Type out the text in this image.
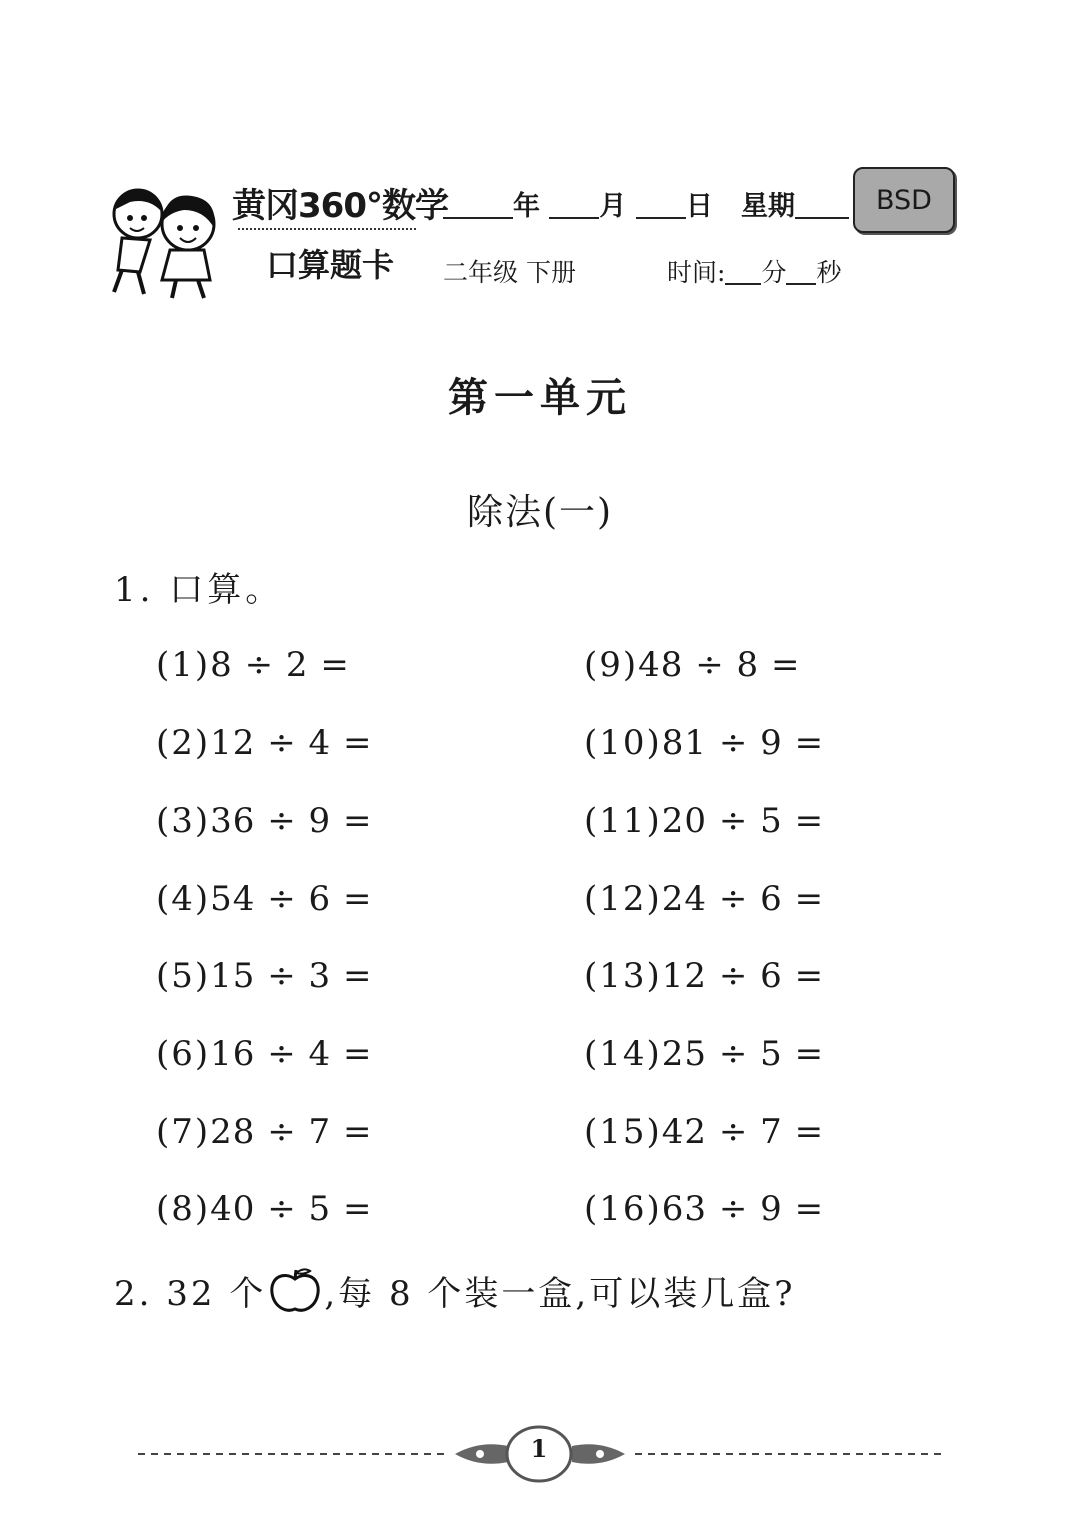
黄冈360°数学
口算题卡
年 月 日 星期	BSD
二年级 下册	时间: 分 秒
第一单元
除法(一)
1. 口算。
(1)8 ÷ 2 =
(2)12 ÷ 4 =
(3)36 ÷ 9 =
(4)54 ÷ 6 =
(5)15 ÷ 3 =
(6)16 ÷ 4 =
(7)28 ÷ 7 =
(8)40 ÷ 5 =
(9)48 ÷ 8 =
(10)81 ÷ 9 =
(11)20 ÷ 5 =
(12)24 ÷ 6 =
(13)12 ÷ 6 =
(14)25 ÷ 5 =
(15)42 ÷ 7 =
(16)63 ÷ 9 =
2. 32 个 ,每 8 个装一盒,可以装几盒?
1
